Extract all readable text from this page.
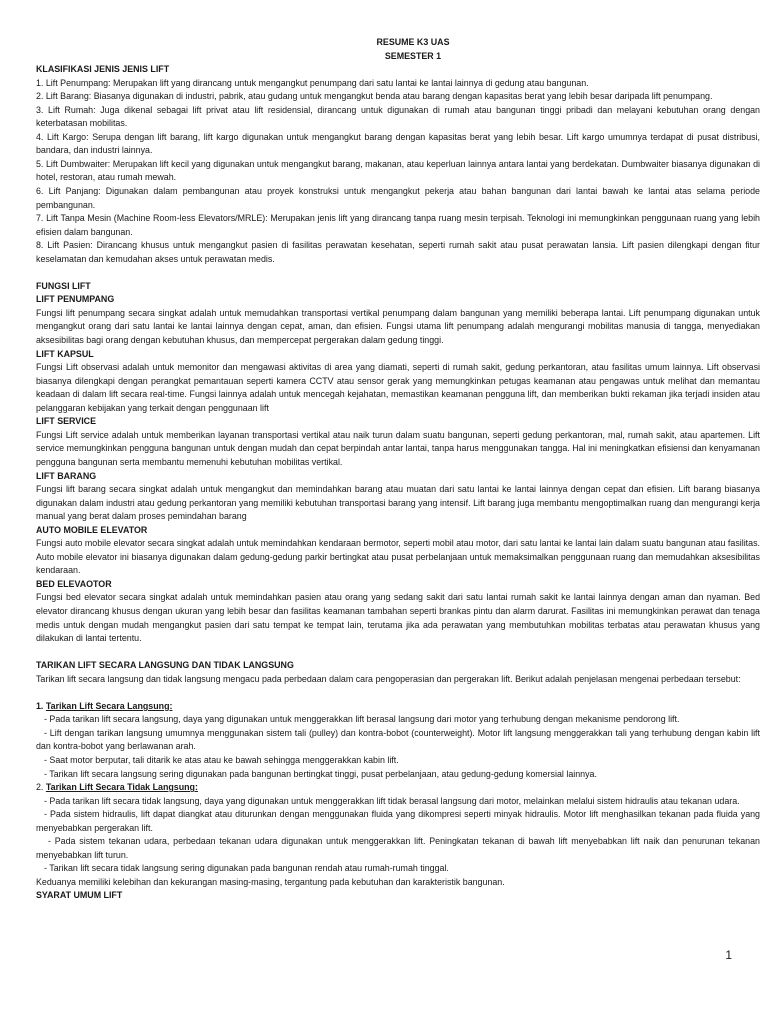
RESUME K3 UAS

SEMESTER 1

KLASIFIKASI JENIS JENIS LIFT

1. Lift Penumpang: Merupakan lift yang dirancang untuk mengangkut penumpang dari satu lantai ke lantai lainnya di gedung atau bangunan.

2. Lift Barang: Biasanya digunakan di industri, pabrik, atau gudang untuk mengangkut benda atau barang dengan kapasitas berat yang lebih besar daripada lift penumpang.

3. Lift Rumah: Juga dikenal sebagai lift privat atau lift residensial, dirancang untuk digunakan di rumah atau bangunan tinggi pribadi dan melayani kebutuhan orang dengan keterbatasan mobilitas.

4. Lift Kargo: Serupa dengan lift barang, lift kargo digunakan untuk mengangkut barang dengan kapasitas berat yang lebih besar. Lift kargo umumnya terdapat di pusat distribusi, bandara, dan industri lainnya.

5. Lift Dumbwaiter: Merupakan lift kecil yang digunakan untuk mengangkut barang, makanan, atau keperluan lainnya antara lantai yang berdekatan. Dumbwaiter biasanya digunakan di hotel, restoran, atau rumah mewah.

6. Lift Panjang: Digunakan dalam pembangunan atau proyek konstruksi untuk mengangkut pekerja atau bahan bangunan dari lantai bawah ke lantai atas selama periode pembangunan.

7. Lift Tanpa Mesin (Machine Room-less Elevators/MRLE): Merupakan jenis lift yang dirancang tanpa ruang mesin terpisah. Teknologi ini memungkinkan penggunaan ruang yang lebih efisien dalam bangunan.

8. Lift Pasien: Dirancang khusus untuk mengangkut pasien di fasilitas perawatan kesehatan, seperti rumah sakit atau pusat perawatan lansia. Lift pasien dilengkapi dengan fitur keselamatan dan kemudahan akses untuk perawatan medis.

FUNGSI LIFT

LIFT PENUMPANG

Fungsi lift penumpang secara singkat adalah untuk memudahkan transportasi vertikal penumpang dalam bangunan yang memiliki beberapa lantai. Lift penumpang digunakan untuk mengangkut orang dari satu lantai ke lantai lainnya dengan cepat, aman, dan efisien. Fungsi utama lift penumpang adalah mengurangi mobilitas manusia di tangga, menyediakan aksesibilitas bagi orang dengan kebutuhan khusus, dan mempercepat pergerakan dalam gedung tinggi.

LIFT KAPSUL

Fungsi Lift observasi adalah untuk memonitor dan mengawasi aktivitas di area yang diamati, seperti di rumah sakit, gedung perkantoran, atau fasilitas umum lainnya. Lift observasi biasanya dilengkapi dengan perangkat pemantauan seperti kamera CCTV atau sensor gerak yang memungkinkan petugas keamanan atau pengawas untuk melihat dan memantau keadaan di dalam lift secara real-time. Fungsi lainnya adalah untuk mencegah kejahatan, memastikan keamanan pengguna lift, dan memberikan bukti rekaman jika terjadi insiden atau pelanggaran kebijakan yang terkait dengan penggunaan lift

LIFT SERVICE

Fungsi Lift service adalah untuk memberikan layanan transportasi vertikal atau naik turun dalam suatu bangunan, seperti gedung perkantoran, mal, rumah sakit, atau apartemen. Lift service memungkinkan pengguna bangunan untuk dengan mudah dan cepat berpindah antar lantai, tanpa harus menggunakan tangga. Hal ini meningkatkan efisiensi dan kenyamanan pengguna bangunan serta membantu memenuhi kebutuhan mobilitas vertikal.

LIFT BARANG

Fungsi lift barang secara singkat adalah untuk mengangkut dan memindahkan barang atau muatan dari satu lantai ke lantai lainnya dengan cepat dan efisien. Lift barang biasanya digunakan dalam industri atau gedung perkantoran yang memiliki kebutuhan transportasi barang yang intensif. Lift barang juga membantu mengoptimalkan ruang dan mengurangi kerja manual yang berat dalam proses pemindahan barang

AUTO MOBILE ELEVATOR

Fungsi auto mobile elevator secara singkat adalah untuk memindahkan kendaraan bermotor, seperti mobil atau motor, dari satu lantai ke lantai lain dalam suatu bangunan atau fasilitas. Auto mobile elevator ini biasanya digunakan dalam gedung-gedung parkir bertingkat atau pusat perbelanjaan untuk memaksimalkan penggunaan ruang dan memudahkan aksesibilitas kendaraan.

BED ELEVAOTOR

Fungsi bed elevator secara singkat adalah untuk memindahkan pasien atau orang yang sedang sakit dari satu lantai rumah sakit ke lantai lainnya dengan aman dan nyaman. Bed elevator dirancang khusus dengan ukuran yang lebih besar dan fasilitas keamanan tambahan seperti brankas pintu dan alarm darurat. Fasilitas ini memungkinkan perawat dan tenaga medis untuk dengan mudah mengangkut pasien dari satu tempat ke tempat lain, terutama jika ada perawatan yang membutuhkan mobilitas terbatas atau perawatan khusus yang dilakukan di lantai tertentu.

TARIKAN LIFT SECARA LANGSUNG DAN TIDAK LANGSUNG

Tarikan lift secara langsung dan tidak langsung mengacu pada perbedaan dalam cara pengoperasian dan pergerakan lift. Berikut adalah penjelasan mengenai perbedaan tersebut:

1. Tarikan Lift Secara Langsung:

- Pada tarikan lift secara langsung, daya yang digunakan untuk menggerakkan lift berasal langsung dari motor yang terhubung dengan mekanisme pendorong lift.

- Lift dengan tarikan langsung umumnya menggunakan sistem tali (pulley) dan kontra-bobot (counterweight). Motor lift langsung menggerakkan tali yang terhubung dengan kabin lift dan kontra-bobot yang berlawanan arah.

- Saat motor berputar, tali ditarik ke atas atau ke bawah sehingga menggerakkan kabin lift.

- Tarikan lift secara langsung sering digunakan pada bangunan bertingkat tinggi, pusat perbelanjaan, atau gedung-gedung komersial lainnya.

2. Tarikan Lift Secara Tidak Langsung:

- Pada tarikan lift secara tidak langsung, daya yang digunakan untuk menggerakkan lift tidak berasal langsung dari motor, melainkan melalui sistem hidraulis atau tekanan udara.

- Pada sistem hidraulis, lift dapat diangkat atau diturunkan dengan menggunakan fluida yang dikompresi seperti minyak hidraulis. Motor lift menghasilkan tekanan pada fluida yang menyebabkan pergerakan lift.

- Pada sistem tekanan udara, perbedaan tekanan udara digunakan untuk menggerakkan lift. Peningkatan tekanan di bawah lift menyebabkan lift naik dan penurunan tekanan menyebabkan lift turun.

- Tarikan lift secara tidak langsung sering digunakan pada bangunan rendah atau rumah-rumah tinggal.

Keduanya memiliki kelebihan dan kekurangan masing-masing, tergantung pada kebutuhan dan karakteristik bangunan.

SYARAT UMUM LIFT

1
